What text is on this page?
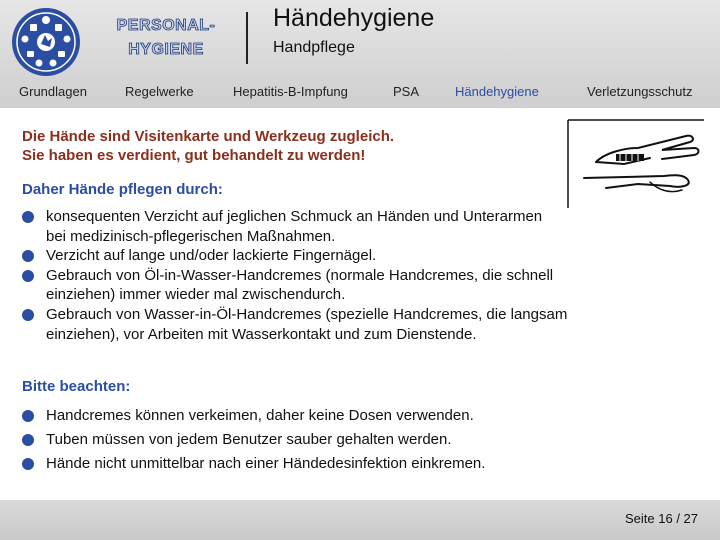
PERSONAL-
HYGIENE
Händehygiene
Handpflege
Grundlagen	Regelwerke	Hepatitis-B-Impfung	PSA	Händehygiene	Verletzungsschutz
Die Hände sind Visitenkarte und Werkzeug zugleich.
Sie haben es verdient, gut behandelt zu werden!
Daher Hände pflegen durch:
konsequenten Verzicht auf jeglichen Schmuck an Händen und Unterarmen
bei medizinisch-pflegerischen Maßnahmen.
Verzicht auf lange und/oder lackierte Fingernägel.
Gebrauch von Öl-in-Wasser-Handcremes (normale Handcremes, die schnell
einziehen) immer wieder mal zwischendurch.
Gebrauch von Wasser-in-Öl-Handcremes (spezielle Handcremes, die langsam
einziehen), vor Arbeiten mit Wasserkontakt und zum Dienstende.
Bitte beachten:
Handcremes können verkeimen, daher keine Dosen verwenden.
Tuben müssen von jedem Benutzer sauber gehalten werden.
Hände nicht unmittelbar nach einer Händedesinfektion einkremen.
Seite 16 / 27
